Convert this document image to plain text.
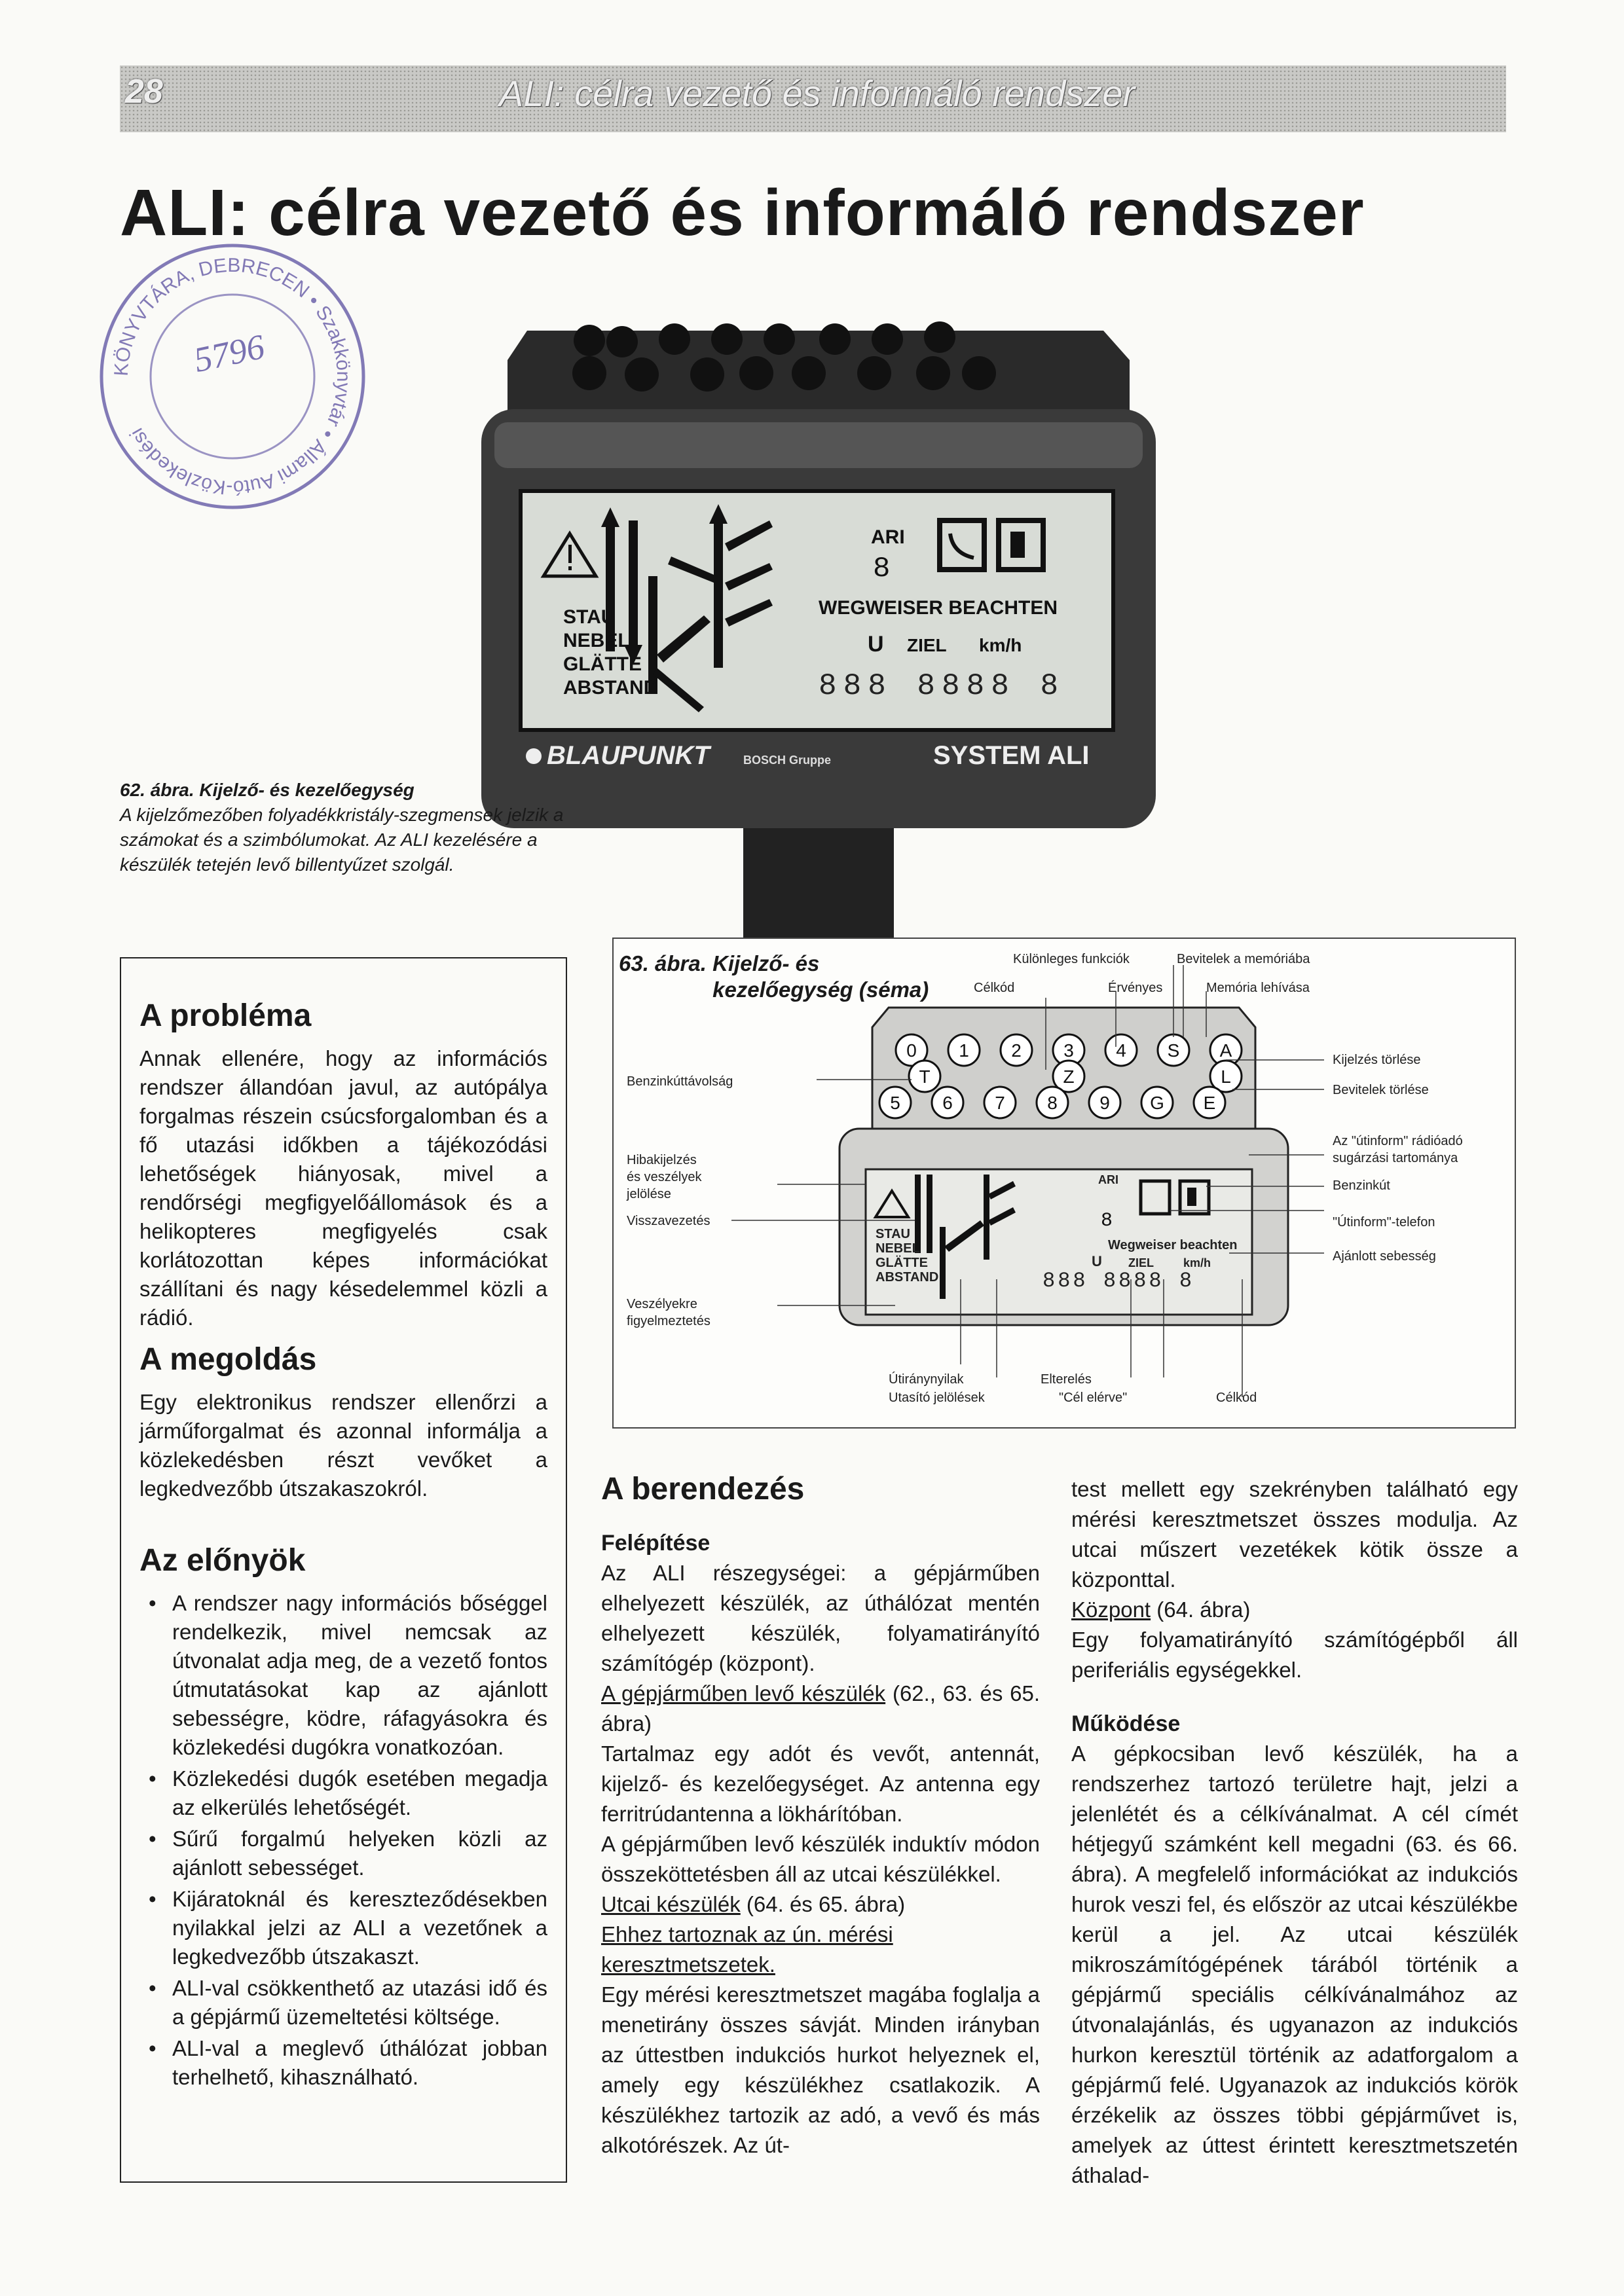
28	ALI: célra vezető és informáló rendszer
ALI: célra vezető és informáló rendszer
KÖNYVTÁRA, DEBRECEN • Szakkönyvtár • Állami Autó-Közlekedési
5796
STAU
NEBEL
GLÄTTE
ABSTAND
ARI
8
WEGWEISER BEACHTEN
U ZIEL km/h
888 8888 8
BLAUPUNKT	BOSCH Gruppe	SYSTEM ALI
62. ábra. Kijelző- és kezelőegység
A kijelzőmezőben folyadékkristály-szegmensek jelzik a számokat és a szimbólumokat. Az ALI kezelésére a készülék tetején levő billentyűzet szolgál.
A probléma
Annak ellenére, hogy az információs rendszer állandóan javul, az autópálya forgalmas részein csúcsforgalomban és a fő utazási időkben a tájékozódási lehetőségek hiányosak, mivel a rendőrségi megfigyelőállomások és a helikopteres megfigyelés csak korlátozottan képes információkat szállítani és nagy késedelemmel közli a rádió.
A megoldás
Egy elektronikus rendszer ellenőrzi a járműforgalmat és azonnal informálja a közlekedésben részt vevőket a legkedvezőbb útszakaszokról.
Az előnyök
• A rendszer nagy információs bőséggel rendelkezik, mivel nemcsak az útvonalat adja meg, de a vezető fontos útmutatásokat kap az ajánlott sebességre, ködre, ráfagyásokra és közlekedési dugókra vonatkozóan.
• Közlekedési dugók esetében megadja az elkerülés lehetőségét.
• Sűrű forgalmú helyeken közli az ajánlott sebességet.
• Kijáratoknál és kereszteződésekben nyilakkal jelzi az ALI a vezetőnek a legkedvezőbb útszakaszt.
• ALI-val csökkenthető az utazási idő és a gépjármű üzemeltetési költsége.
• ALI-val a meglevő úthálózat jobban terhelhető, kihasználható.
63. ábra. Kijelző- és kezelőegység (séma)
0 1 2 3 4 S A
T	Z	L
5 6 7 8 9 G E
8
STAU
NEBEL
GLÄTTE
ABSTAND
ARI
Wegweiser beachten
U ZIEL	km/h
888 8888 8
Különleges funkciók	Bevitelek a memóriába
Célkód	Érvényes	Memória lehívása
Benzinkúttávolság
Kijelzés törlése
Bevitelek törlése
Az "útinform" rádióadó
sugárzási tartománya
Benzinkút
"Útinform"-telefon
Ajánlott sebesség
Hibakijelzés
és veszélyek
jelölése
Visszavezetés
Veszélyekre
figyelmeztetés
Útiránynyilak
Utasító jelölések
Elterelés
"Cél elérve"	Célkód
A berendezés
Felépítése
Az ALI részegységei: a gépjárműben elhelyezett készülék, az úthálózat mentén elhelyezett készülék, folyamatirányító számítógép (központ).
A gépjárműben levő készülék (62., 63. és 65. ábra)
Tartalmaz egy adót és vevőt, antennát, kijelző- és kezelőegységet. Az antenna egy ferritrúdantenna a lökhárítóban.
A gépjárműben levő készülék induktív módon összeköttetésben áll az utcai készülékkel.
Utcai készülék (64. és 65. ábra)
Ehhez tartoznak az ún. mérési keresztmetszetek.
Egy mérési keresztmetszet magába foglalja a menetirány összes sávját. Minden irányban az úttestben indukciós hurkot helyeznek el, amely egy készülékhez csatlakozik. A készülékhez tartozik az adó, a vevő és más alkotórészek. Az út-
test mellett egy szekrényben található egy mérési keresztmetszet összes modulja. Az utcai műszert vezetékek kötik össze a központtal.
Központ (64. ábra)
Egy folyamatirányító számítógépből áll periferiális egységekkel.
Működése
A gépkocsiban levő készülék, ha a rendszerhez tartozó területre hajt, jelzi a jelenlétét és a célkívánalmat. A cél címét hétjegyű számként kell megadni (63. és 66. ábra). A megfelelő információkat az indukciós hurok veszi fel, és először az utcai készülékbe kerül a jel. Az utcai készülék mikroszámítógépének tárából történik a gépjármű speciális célkívánalmához az útvonalajánlás, és ugyanazon az indukciós hurkon keresztül történik az adatforgalom a gépjármű felé. Ugyanazok az indukciós körök érzékelik az összes többi gépjárművet is, amelyek az úttest érintett keresztmetszetén áthalad-
